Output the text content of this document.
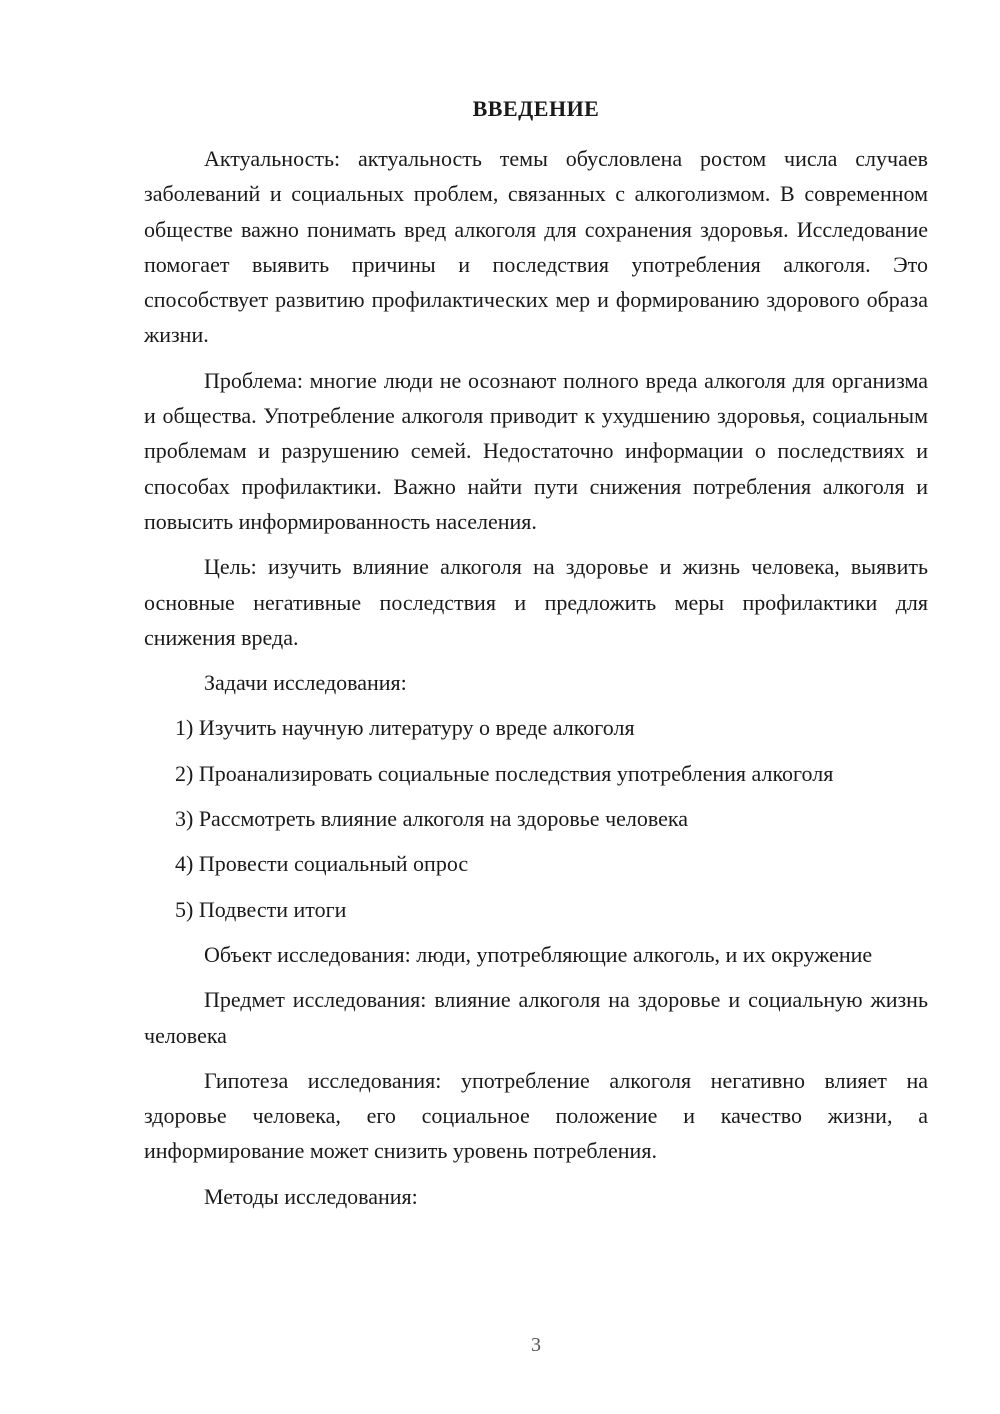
ВВЕДЕНИЕ

Актуальность: актуальность темы обусловлена ростом числа случаев заболеваний и социальных проблем, связанных с алкоголизмом. В современном обществе важно понимать вред алкоголя для сохранения здоровья. Исследование помогает выявить причины и последствия употребления алкоголя. Это способствует развитию профилактических мер и формированию здорового образа жизни.

Проблема: многие люди не осознают полного вреда алкоголя для организма и общества. Употребление алкоголя приводит к ухудшению здоровья, социальным проблемам и разрушению семей. Недостаточно информации о последствиях и способах профилактики. Важно найти пути снижения потребления алкоголя и повысить информированность населения.

Цель: изучить влияние алкоголя на здоровье и жизнь человека, выявить основные негативные последствия и предложить меры профилактики для снижения вреда.

Задачи исследования:

1) Изучить научную литературу о вреде алкоголя
2) Проанализировать социальные последствия употребления алкоголя
3) Рассмотреть влияние алкоголя на здоровье человека
4) Провести социальный опрос
5) Подвести итоги

Объект исследования: люди, употребляющие алкоголь, и их окружение

Предмет исследования: влияние алкоголя на здоровье и социальную жизнь человека

Гипотеза исследования: употребление алкоголя негативно влияет на здоровье человека, его социальное положение и качество жизни, а информирование может снизить уровень потребления.

Методы исследования:

3
